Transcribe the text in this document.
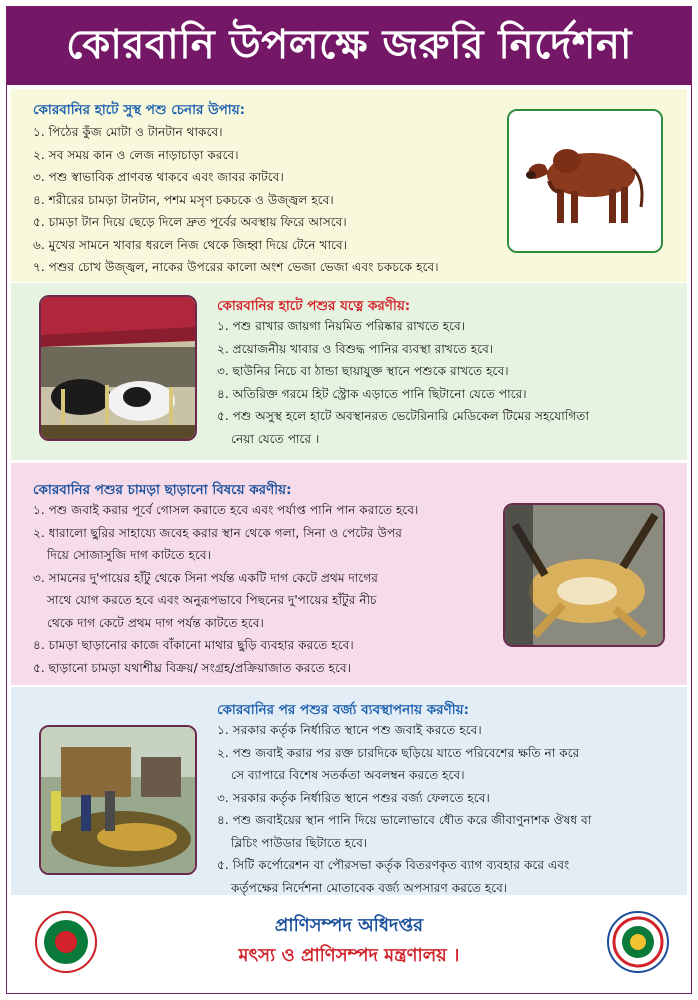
কোরবানি উপলক্ষে জরুরি নির্দেশনা
কোরবানির হাটে সুস্থ পশু চেনার উপায়:
১. পিঠের কুঁজ মোটা ও টানটান থাকবে।
২. সব সময় কান ও লেজ নাড়াচাড়া করবে।
৩. পশু স্বাভাবিক প্রাণবন্ত থাকবে এবং জাবর কাটবে।
৪. শরীরের চামড়া টানটান, পশম মসৃণ চকচকে ও উজ্জ্বল হবে।
৫. চামড়া টান দিয়ে ছেড়ে দিলে দ্রুত পূর্বের অবস্থায় ফিরে আসবে।
৬. মুখের সামনে খাবার ধরলে নিজ থেকে জিহ্বা দিয়ে টেনে খাবে।
৭. পশুর চোখ উজ্জ্বল, নাকের উপরের কালো অংশ ভেজা ভেজা এবং চকচকে হবে।
কোরবানির হাটে পশুর যত্নে করণীয়:
১. পশু রাখার জায়গা নিয়মিত পরিষ্কার রাখতে হবে।
২. প্রয়োজনীয় খাবার ও বিশুদ্ধ পানির ব্যবস্থা রাখতে হবে।
৩. ছাউনির নিচে বা ঠান্ডা ছায়াযুক্ত স্থানে পশুকে রাখতে হবে।
৪. অতিরিক্ত গরমে হিট স্ট্রোক এড়াতে পানি ছিটানো যেতে পারে।
৫. পশু অসুস্থ হলে হাটে অবস্থানরত ভেটেরিনারি মেডিকেল টিমের সহযোগিতা
নেয়া যেতে পারে ।
কোরবানির পশুর চামড়া ছাড়ানো বিষয়ে করণীয়:
১. পশু জবাই করার পূর্বে গোসল করাতে হবে এবং পর্যাপ্ত পানি পান করাতে হবে।
২. ধারালো ছুরির সাহায্যে জবেহ করার স্থান থেকে গলা, সিনা ও পেটের উপর
দিয়ে সোজাসুজি দাগ কাটতে হবে।
৩. সামনের দু'পায়ের হাঁটু থেকে সিনা পর্যন্ত একটি দাগ কেটে প্রথম দাগের
সাথে যোগ করতে হবে এবং অনুরূপভাবে পিছনের দু'পায়ের হাঁটুর নীচ
থেকে দাগ কেটে প্রথম দাগ পর্যন্ত কাটতে হবে।
৪. চামড়া ছাড়ানোর কাজে বাঁকানো মাথার ছুড়ি ব্যবহার করতে হবে।
৫. ছাড়ানো চামড়া যথাশীঘ্র বিক্রয়/ সংগ্রহ/প্রক্রিয়াজাত করতে হবে।
কোরবানির পর পশুর বর্জ্য ব্যবস্থাপনায় করণীয়:
১. সরকার কর্তৃক নির্ধারিত স্থানে পশু জবাই করতে হবে।
২. পশু জবাই করার পর রক্ত চারদিকে ছড়িয়ে যাতে পরিবেশের ক্ষতি না করে
সে ব্যাপারে বিশেষ সতর্কতা অবলম্বন করতে হবে।
৩. সরকার কর্তৃক নির্ধারিত স্থানে পশুর বর্জ্য ফেলতে হবে।
৪. পশু জবাইয়ের স্থান পানি দিয়ে ভালোভাবে ধৌত করে জীবাণুনাশক ঔষধ বা
ব্লিচিং পাউডার ছিটাতে হবে।
৫. সিটি কর্পোরেশন বা পৌরসভা কর্তৃক বিতরণকৃত ব্যাগ ব্যবহার করে এবং
কর্তৃপক্ষের নির্দেশনা মোতাবেক বর্জ্য অপসারণ করতে হবে।
প্রাণিসম্পদ অধিদপ্তর
মৎস্য ও প্রাণিসম্পদ মন্ত্রণালয় ।
